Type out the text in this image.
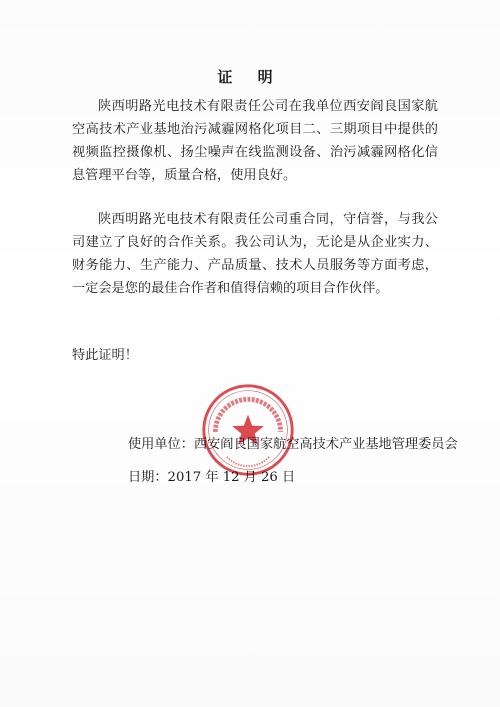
证 明

陕西明路光电技术有限责任公司在我单位西安阎良国家航空高技术产业基地治污减霾网格化项目二、三期项目中提供的视频监控摄像机、扬尘噪声在线监测设备、治污减霾网格化信息管理平台等，质量合格，使用良好。

陕西明路光电技术有限责任公司重合同，守信誉，与我公司建立了良好的合作关系。我公司认为，无论是从企业实力、财务能力、生产能力、产品质量、技术人员服务等方面考虑，一定会是您的最佳合作者和值得信赖的项目合作伙伴。

特此证明！
使用单位：西安阎良国家航空高技术产业基地管理委员会
日期：2017 年 12 月 26 日
